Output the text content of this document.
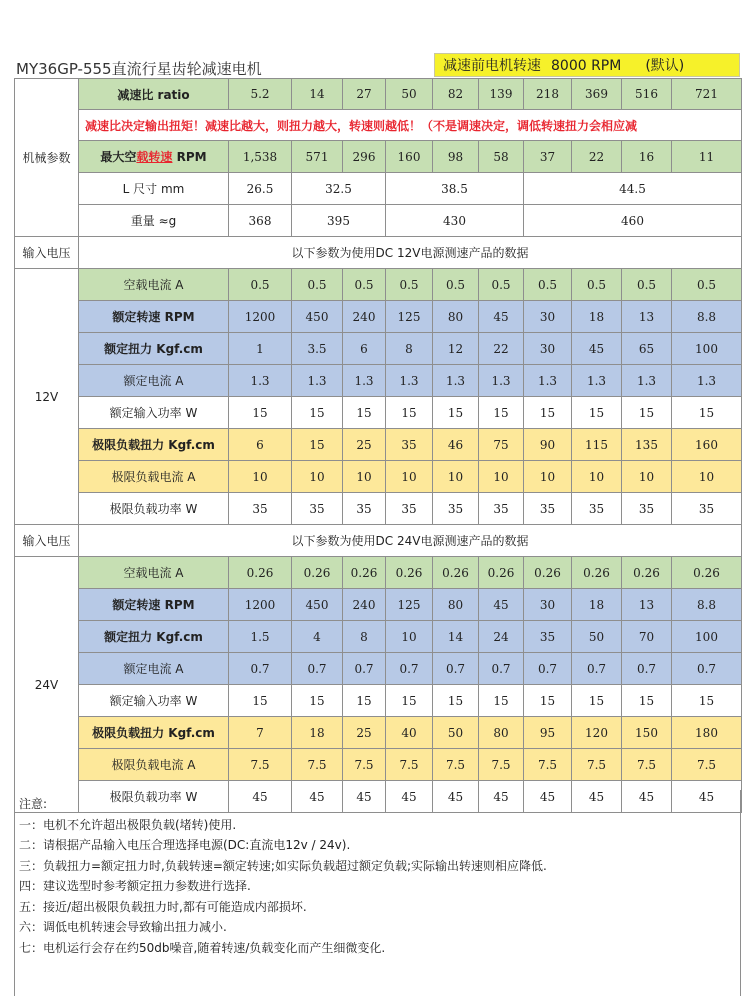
MY36GP-555直流行星齿轮减速电机	减速前电机转速 8000 RPM (默认)
机械参数	减速比 ratio	5.2	14	27	50	82	139	218	369	516	721
	减速比决定输出扭矩！减速比越大，则扭力越大，转速则越低！（不是调速决定，调低转速扭力会相应减										
	最大空载转速 RPM	1,538	571	296	160	98	58	37	22	16	11
	L 尺寸 mm	26.5	32.5		38.5			44.5			
	重量 ≈g	368	395		430			460			
输入电压	以下参数为使用DC 12V电源测速产品的数据										
12V	空载电流 A	0.5	0.5	0.5	0.5	0.5	0.5	0.5	0.5	0.5	0.5
	额定转速 RPM	1200	450	240	125	80	45	30	18	13	8.8
	额定扭力 Kgf.cm	1	3.5	6	8	12	22	30	45	65	100
	额定电流 A	1.3	1.3	1.3	1.3	1.3	1.3	1.3	1.3	1.3	1.3
	额定输入功率 W	15	15	15	15	15	15	15	15	15	15
	极限负载扭力 Kgf.cm	6	15	25	35	46	75	90	115	135	160
	极限负载电流 A	10	10	10	10	10	10	10	10	10	10
	极限负载功率 W	35	35	35	35	35	35	35	35	35	35
输入电压	以下参数为使用DC 24V电源测速产品的数据										
24V	空载电流 A	0.26	0.26	0.26	0.26	0.26	0.26	0.26	0.26	0.26	0.26
	额定转速 RPM	1200	450	240	125	80	45	30	18	13	8.8
	额定扭力 Kgf.cm	1.5	4	8	10	14	24	35	50	70	100
	额定电流 A	0.7	0.7	0.7	0.7	0.7	0.7	0.7	0.7	0.7	0.7
	额定输入功率 W	15	15	15	15	15	15	15	15	15	15
	极限负载扭力 Kgf.cm	7	18	25	40	50	80	95	120	150	180
	极限负载电流 A	7.5	7.5	7.5	7.5	7.5	7.5	7.5	7.5	7.5	7.5
	极限负载功率 W	45	45	45	45	45	45	45	45	45	45
注意:
一：电机不允许超出极限负载(堵转)使用.
二：请根据产品输入电压合理选择电源(DC:直流电12v / 24v).
三：负载扭力=额定扭力时,负载转速=额定转速;如实际负载超过额定负载;实际输出转速则相应降低.
四：建议选型时参考额定扭力参数进行选择.
五：接近/超出极限负载扭力时,都有可能造成内部损坏.
六：调低电机转速会导致输出扭力减小.
七：电机运行会存在约50db噪音,随着转速/负载变化而产生细微变化.
